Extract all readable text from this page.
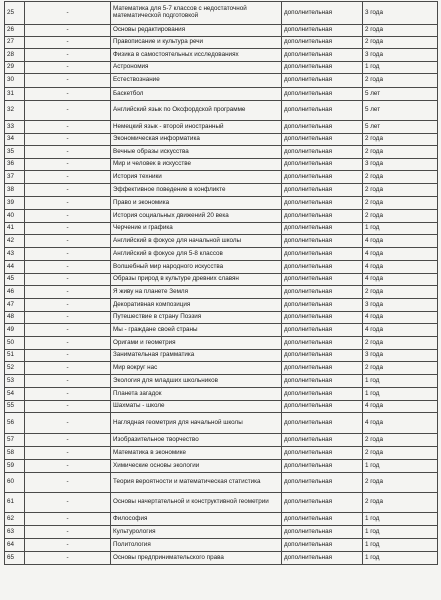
25	-	Математика для 5-7 классов с недостаточной математической подготовкой	дополнительная	3 года
26	-	Основы редактирования	дополнительная	2 года
27	-	Правописание и культура речи	дополнительная	2 года
28	-	Физика в самостоятельных исследованиях	дополнительная	3 года
29	-	Астрономия	дополнительная	1 год
30	-	Естествознание	дополнительная	2 года
31	-	Баскетбол	дополнительная	5 лет
32	-	Английский язык по Оксфордской программе	дополнительная	5 лет
33	-	Немецкий язык - второй иностранный	дополнительная	5 лет
34	-	Экономическая информатика	дополнительная	2 года
35	-	Вечные образы искусства	дополнительная	2 года
36	-	Мир и человек в искусстве	дополнительная	3 года
37	-	История техники	дополнительная	2 года
38	-	Эффективное поведение в конфликте	дополнительная	2 года
39	-	Право и экономика	дополнительная	2 года
40	-	История социальных движений 20 века	дополнительная	2 года
41	-	Черчение и графика	дополнительная	1 год
42	-	Английский в фокусе для начальной школы	дополнительная	4 года
43	-	Английский в фокусе для 5-8 классов	дополнительная	4 года
44	-	Волшебный мир народного искусства	дополнительная	4 года
45	-	Образы природ в культуре древних славян	дополнительная	4 года
46	-	Я живу на планете Земля	дополнительная	2 года
47	-	Декоративная композиция	дополнительная	3 года
48	-	Путешествие в страну Поэзия	дополнительная	4 года
49	-	Мы - граждане своей страны	дополнительная	4 года
50	-	Оригами и геометрия	дополнительная	2 года
51	-	Занимательная грамматика	дополнительная	3 года
52	-	Мир вокруг нас	дополнительная	2 года
53	-	Экология для младших школьников	дополнительная	1 год
54	-	Планета загадок	дополнительная	1 год
55	-	Шахматы - школе	дополнительная	4 года
56	-	Наглядная геометрия для начальной школы	дополнительная	4 года
57	-	Изобразительное творчество	дополнительная	2 года
58	-	Математика в экономике	дополнительная	2 года
59	-	Химические основы экологии	дополнительная	1 год
60	-	Теория вероятности и математическая статистика	дополнительная	2 года
61	-	Основы начертательной и конструктивной геометрии	дополнительная	2 года
62	-	Философия	дополнительная	1 год
63	-	Культурология	дополнительная	1 год
64	-	Политология	дополнительная	1 год
65	-	Основы предпринимательского права	дополнительная	1 год
